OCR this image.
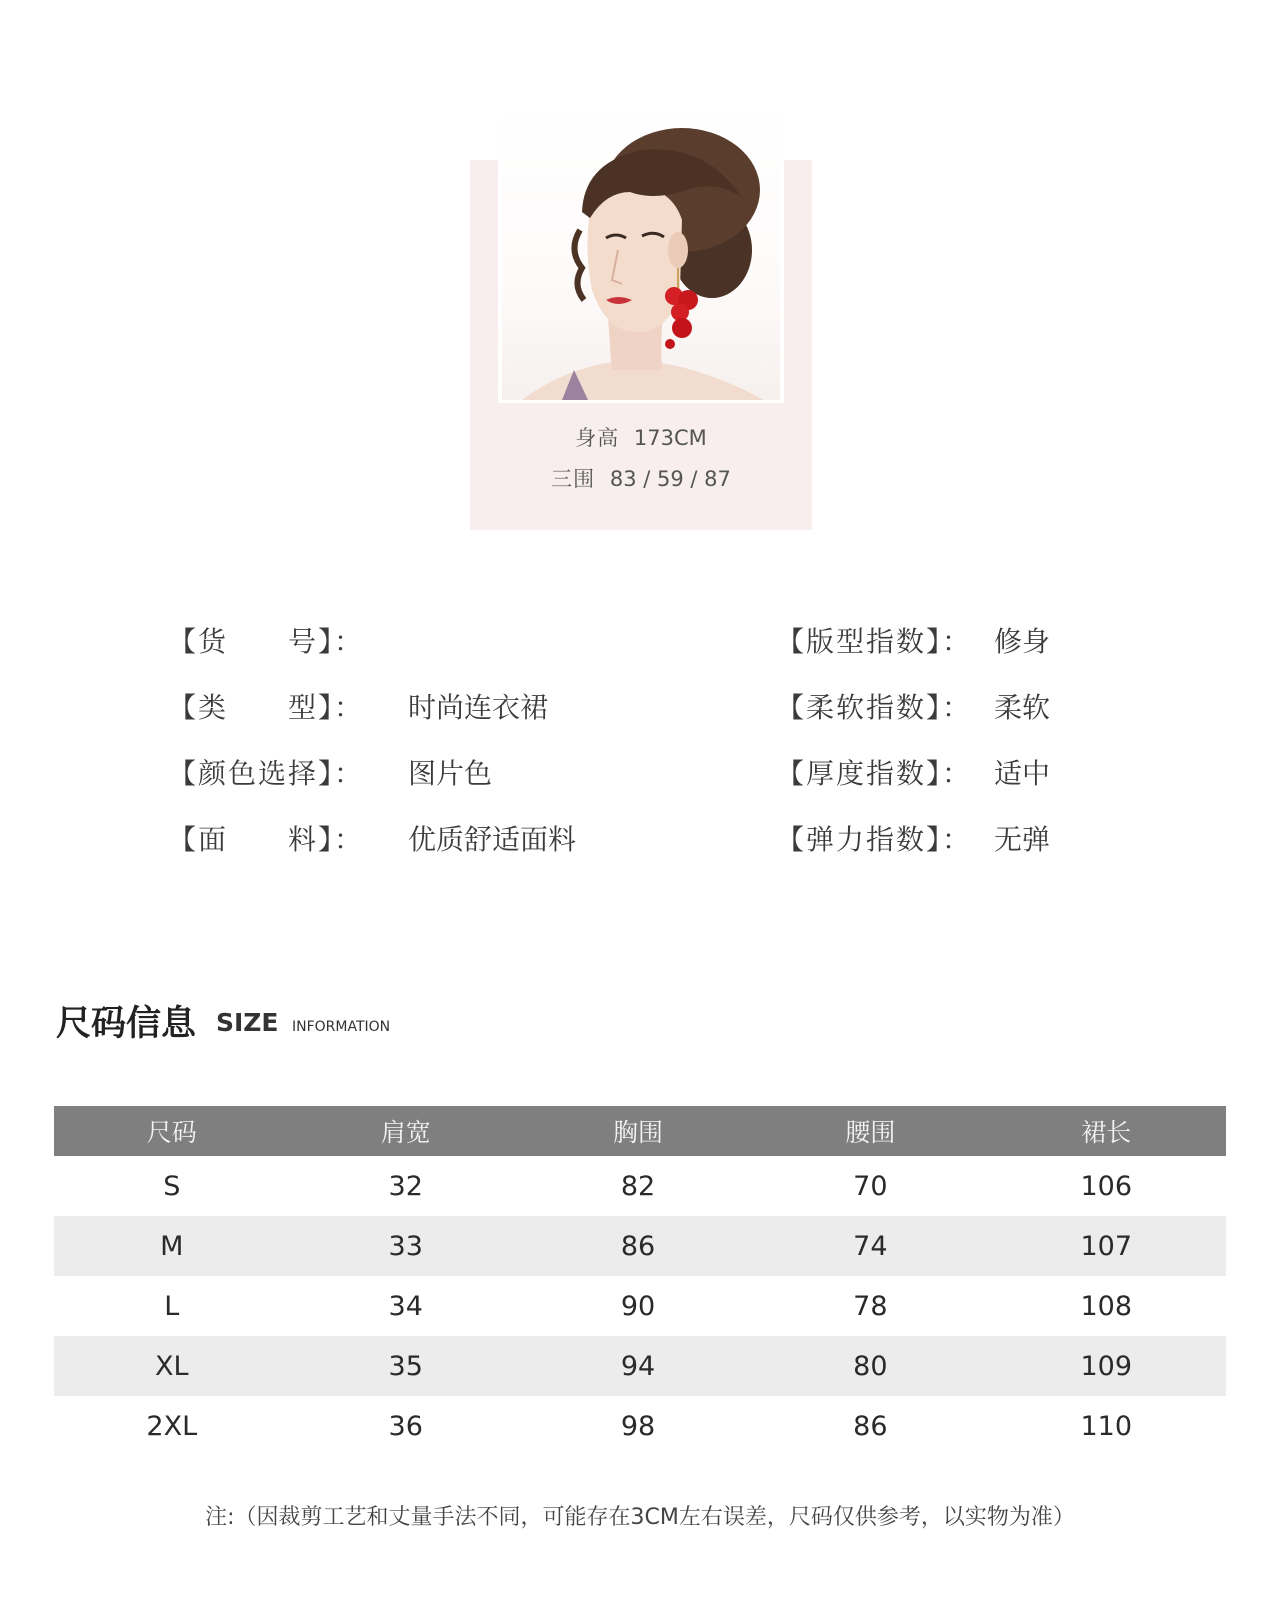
身高 173CM
三围 83 / 59 / 87
【货　　号】：
【类　　型】： 时尚连衣裙
【颜色选择】： 图片色
【面　　料】： 优质舒适面料
【版型指数】： 修身
【柔软指数】： 柔软
【厚度指数】： 适中
【弹力指数】： 无弹
尺码信息 SIZE INFORMATION
尺码	肩宽	胸围	腰围	裙长
S	32	82	70	106
M	33	86	74	107
L	34	90	78	108
XL	35	94	80	109
2XL	36	98	86	110
注:（因裁剪工艺和丈量手法不同，可能存在3CM左右误差，尺码仅供参考，以实物为准）
